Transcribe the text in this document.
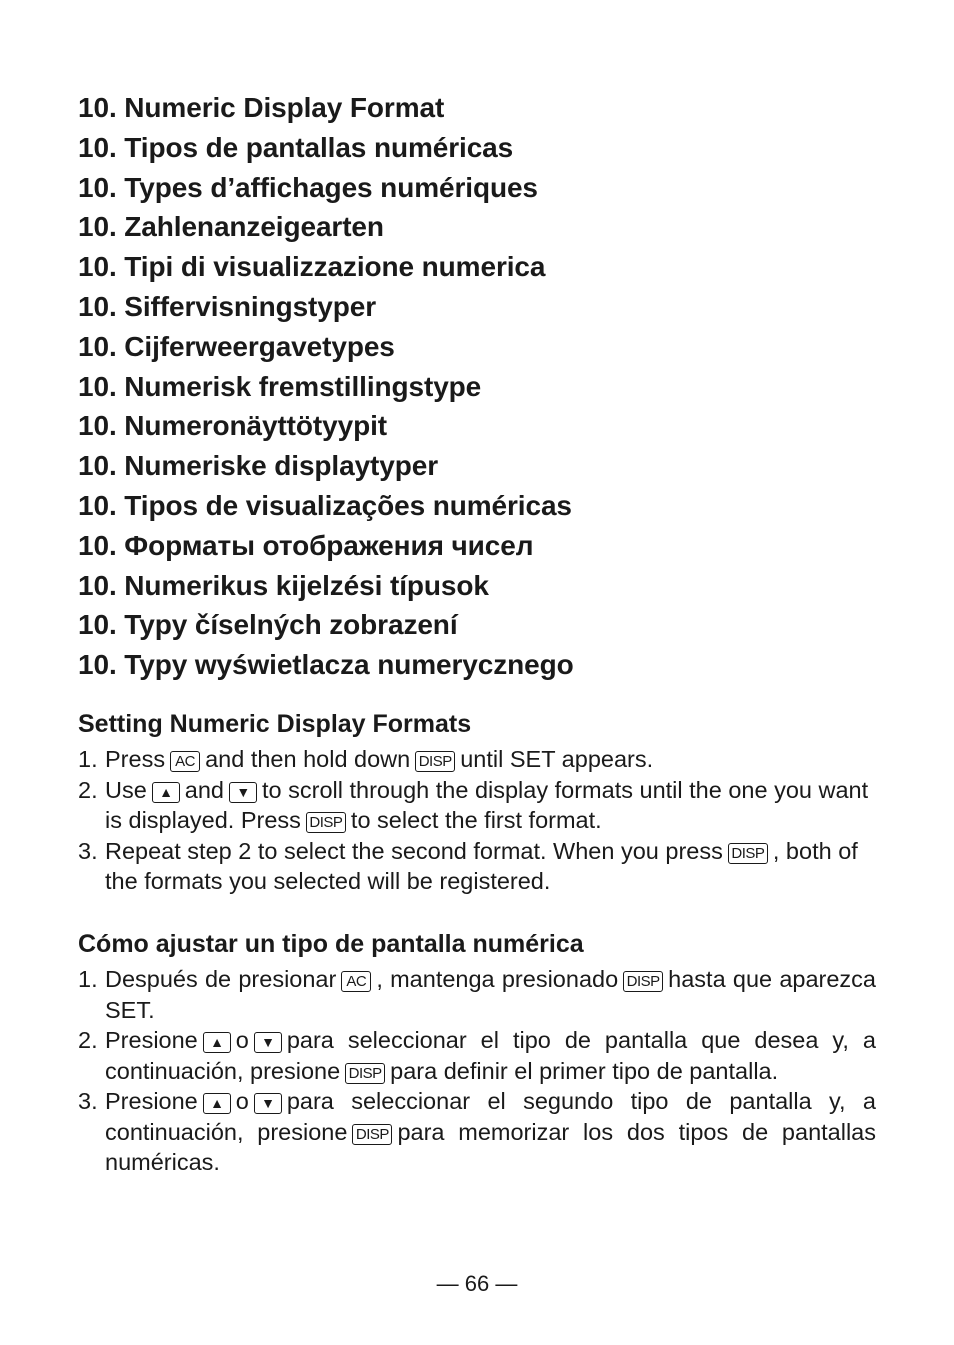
10. Numeric Display Format
10. Tipos de pantallas numéricas
10. Types d’affichages numériques
10. Zahlenanzeigearten
10. Tipi di visualizzazione numerica
10. Siffervisningstyper
10. Cijferweergavetypes
10. Numerisk fremstillingstype
10. Numeronäyttötyypit
10. Numeriske displaytyper
10. Tipos de visualizações numéricas
10. Форматы отображения чисел
10. Numerikus kijelzési típusok
10. Typy číselných zobrazení
10. Typy wyświetlacza numerycznego
Setting Numeric Display Formats
1. Press AC and then hold down DISP until SET appears.
2. Use ▲ and ▼ to scroll through the display formats until the one you want is displayed. Press DISP to select the first format.
3. Repeat step 2 to select the second format. When you press DISP , both of the formats you selected will be registered.
Cómo ajustar un tipo de pantalla numérica
1. Después de presionar AC , mantenga presionado DISP hasta que aparezca SET.
2. Presione ▲ o ▼ para seleccionar el tipo de pantalla que desea y, a continuación, presione DISP para definir el primer tipo de pantalla.
3. Presione ▲ o ▼ para seleccionar el segundo tipo de pantalla y, a continuación, presione DISP para memorizar los dos tipos de pantallas numéricas.
— 66 —
